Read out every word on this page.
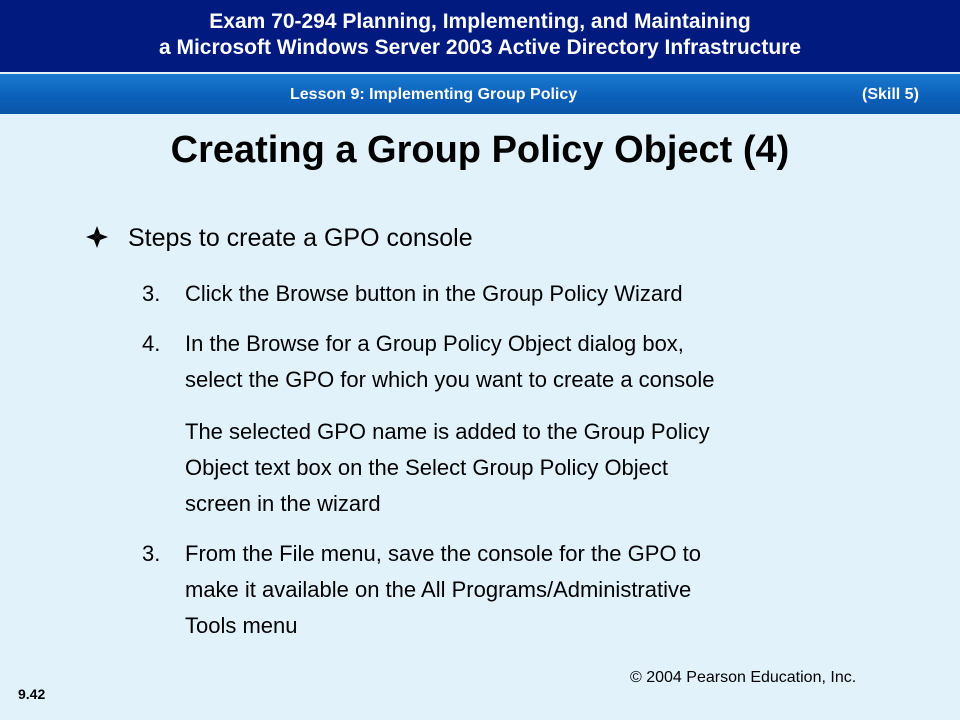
Exam 70-294 Planning, Implementing, and Maintaining
a Microsoft Windows Server 2003 Active Directory Infrastructure
Lesson 9: Implementing Group Policy	(Skill 5)
Creating a Group Policy Object (4)
Steps to create a GPO console
3. Click the Browse button in the Group Policy Wizard
4. In the Browse for a Group Policy Object dialog box,
select the GPO for which you want to create a console
The selected GPO name is added to the Group Policy
Object text box on the Select Group Policy Object
screen in the wizard
3. From the File menu, save the console for the GPO to
make it available on the All Programs/Administrative
Tools menu
9.42
© 2004 Pearson Education, Inc.
